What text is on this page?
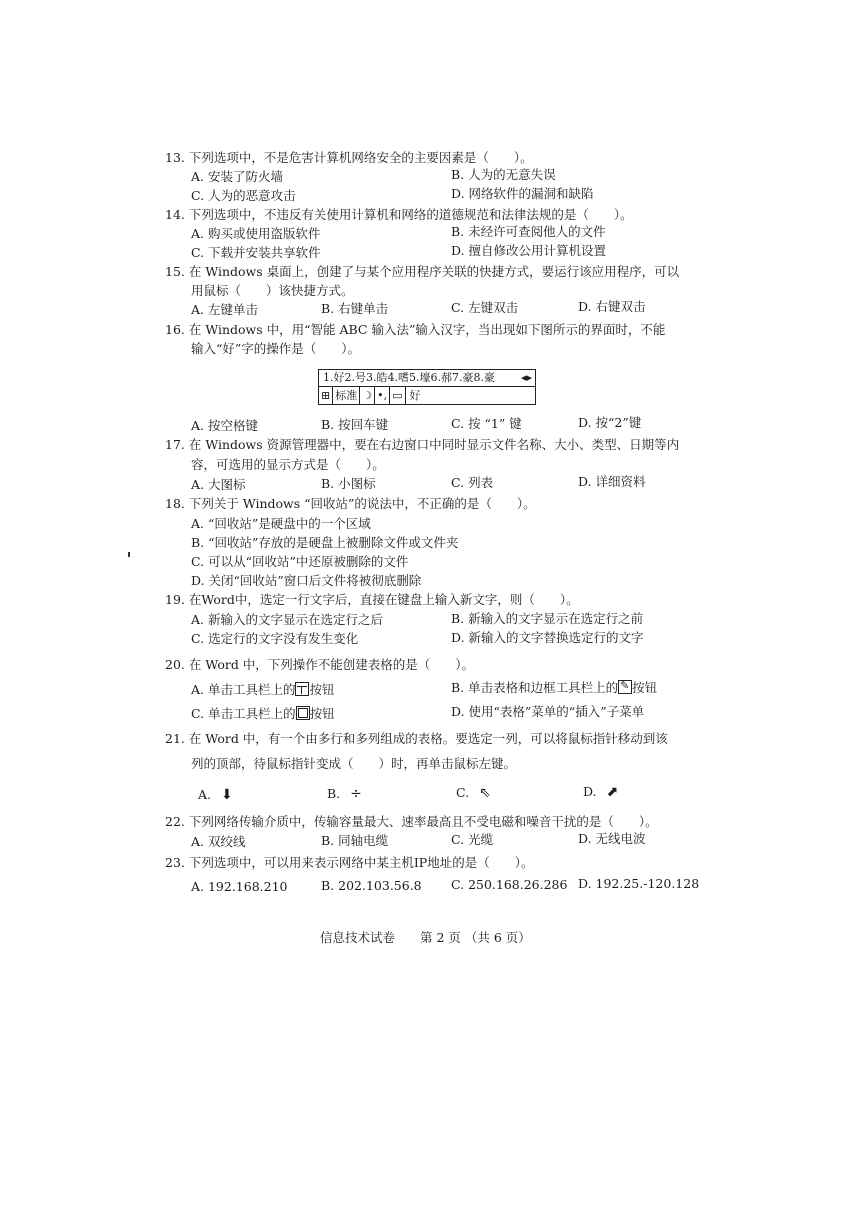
13. 下列选项中，不是危害计算机网络安全的主要因素是（　　）。
A. 安装了防火墙	B. 人为的无意失误
C. 人为的恶意攻击	D. 网络软件的漏洞和缺陷
14. 下列选项中，不违反有关使用计算机和网络的道德规范和法律法规的是（　　）。
A. 购买或使用盗版软件	B. 未经许可查阅他人的文件
C. 下载并安装共享软件	D. 擅自修改公用计算机设置
15. 在 Windows 桌面上，创建了与某个应用程序关联的快捷方式，要运行该应用程序，可以
用鼠标（　　）该快捷方式。
A. 左键单击	B. 右键单击	C. 左键双击	D. 右键双击
16. 在 Windows 中，用“智能 ABC 输入法”输入汉字，当出现如下图所示的界面时，不能
输入“好”字的操作是（　　）。
1.好2.号3.皓4.嗜5.壕6.郝7.豪8.豪 ◂▸
⊞ 标准 ☽ •, ▭ 好
A. 按空格键	B. 按回车键	C. 按 “1” 键	D. 按“2”键
17. 在 Windows 资源管理器中，要在右边窗口中同时显示文件名称、大小、类型、日期等内
容，可选用的显示方式是（　　）。
A. 大图标	B. 小图标	C. 列表	D. 详细资料
18. 下列关于 Windows “回收站”的说法中，不正确的是（　　）。
A. “回收站”是硬盘中的一个区域
B. “回收站”存放的是硬盘上被删除文件或文件夹
C. 可以从“回收站”中还原被删除的文件
D. 关闭“回收站”窗口后文件将被彻底删除
19. 在Word中，选定一行文字后，直接在键盘上输入新文字，则（　　）。
A. 新输入的文字显示在选定行之后	B. 新输入的文字显示在选定行之前
C. 选定行的文字没有发生变化	D. 新输入的文字替换选定行的文字
20. 在 Word 中，下列操作不能创建表格的是（　　）。
A. 单击工具栏上的 按钮	B. 单击表格和边框工具栏上的 ✎ 按钮
C. 单击工具栏上的 按钮	D. 使用“表格”菜单的“插入”子菜单
21. 在 Word 中，有一个由多行和多列组成的表格。要选定一列，可以将鼠标指针移动到该
列的顶部，待鼠标指针变成（　　）时，再单击鼠标左键。
A. ⬇	B. ÷	C. ⇖	D. ⬈
22. 下列网络传输介质中，传输容量最大、速率最高且不受电磁和噪音干扰的是（　　）。
A. 双绞线	B. 同轴电缆	C. 光缆	D. 无线电波
23. 下列选项中，可以用来表示网络中某主机IP地址的是（　　）。
A. 192.168.210	B. 202.103.56.8 C. 250.168.26.286 D. 192.25.-120.128
信息技术试卷　　第 2 页 （共 6 页）
